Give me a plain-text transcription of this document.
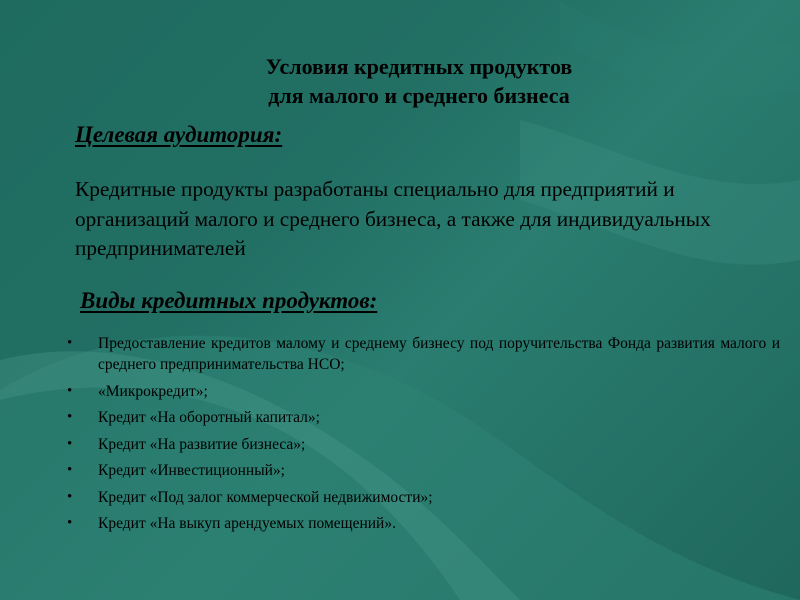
Условия кредитных продуктов
для малого и среднего бизнеса
Целевая аудитория:
Кредитные продукты разработаны специально для предприятий и организаций малого и среднего бизнеса, а также для индивидуальных предпринимателей
Виды кредитных продуктов:
•	Предоставление кредитов малому и среднему бизнесу под поручительства Фонда развития малого и среднего предпринимательства НСО;
•	«Микрокредит»;
•	Кредит «На оборотный капитал»;
•	Кредит «На развитие бизнеса»;
•	Кредит «Инвестиционный»;
•	Кредит «Под залог коммерческой недвижимости»;
•	Кредит «На выкуп арендуемых помещений».
